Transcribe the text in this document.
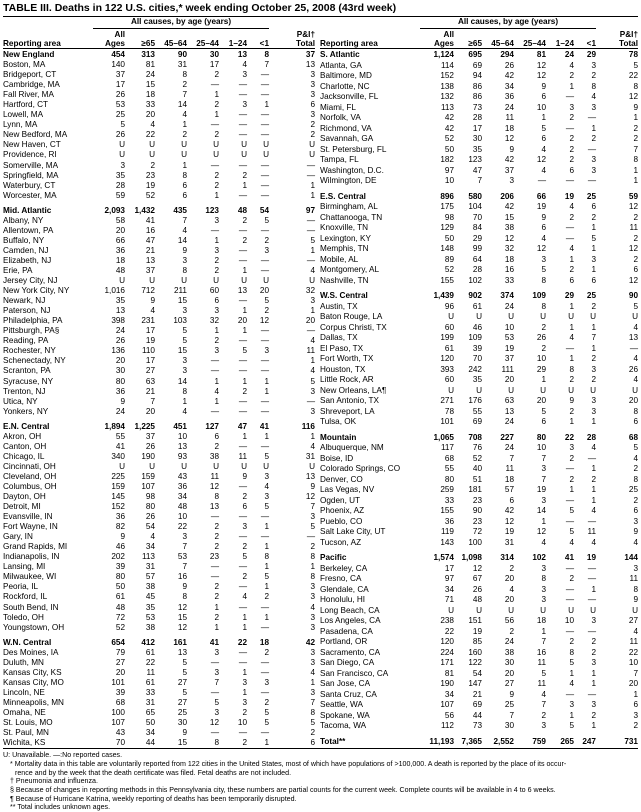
TABLE III. Deaths in 122 U.S. cities,* week ending October 25, 2008 (43rd week)
	All causes, by age (years)						
Reporting area	All
Ages	≥65	45–64	25–44	1–24	<1	P&I†
Total
New England	454	313	90	30	13	8	37
Boston, MA	140	81	31	17	4	7	13
Bridgeport, CT	37	24	8	2	3	—	3
Cambridge, MA	17	15	2	—	—	—	3
Fall River, MA	26	18	7	1	—	—	3
Hartford, CT	53	33	14	2	3	1	6
Lowell, MA	25	20	4	1	—	—	3
Lynn, MA	5	4	1	—	—	—	2
New Bedford, MA	26	22	2	2	—	—	2
New Haven, CT	U	U	U	U	U	U	U
Providence, RI	U	U	U	U	U	U	U
Somerville, MA	3	2	1	—	—	—	—
Springfield, MA	35	23	8	2	2	—	—
Waterbury, CT	28	19	6	2	1	—	1
Worcester, MA	59	52	6	1	—	—	1
Mid. Atlantic	2,093	1,432	435	123	48	54	97
Albany, NY	58	41	7	3	2	5	—
Allentown, PA	20	16	4	—	—	—	—
Buffalo, NY	66	47	14	1	2	2	5
Camden, NJ	36	21	9	3	—	3	1
Elizabeth, NJ	18	13	3	2	—	—	—
Erie, PA	48	37	8	2	1	—	4
Jersey City, NJ	U	U	U	U	U	U	U
New York City, NY	1,016	712	211	60	13	20	32
Newark, NJ	35	9	15	6	—	5	3
Paterson, NJ	13	4	3	3	1	2	1
Philadelphia, PA	398	231	103	32	20	12	20
Pittsburgh, PA§	24	17	5	1	1	—	—
Reading, PA	26	19	5	2	—	—	4
Rochester, NY	136	110	15	3	5	3	11
Schenectady, NY	20	17	3	—	—	—	1
Scranton, PA	30	27	3	—	—	—	4
Syracuse, NY	80	63	14	1	1	1	5
Trenton, NJ	36	21	8	4	2	1	3
Utica, NY	9	7	1	1	—	—	—
Yonkers, NY	24	20	4	—	—	—	3
E.N. Central	1,894	1,225	451	127	47	41	116
Akron, OH	55	37	10	6	1	1	1
Canton, OH	41	26	13	2	—	—	4
Chicago, IL	340	190	93	38	11	5	31
Cincinnati, OH	U	U	U	U	U	U	U
Cleveland, OH	225	159	43	11	9	3	13
Columbus, OH	159	107	36	12	—	4	9
Dayton, OH	145	98	34	8	2	3	12
Detroit, MI	152	80	48	13	6	5	7
Evansville, IN	36	26	10	—	—	—	3
Fort Wayne, IN	82	54	22	2	3	1	5
Gary, IN	9	4	3	2	—	—	—
Grand Rapids, MI	46	34	7	2	2	1	2
Indianapolis, IN	202	113	53	23	5	8	8
Lansing, MI	39	31	7	—	—	1	1
Milwaukee, WI	80	57	16	—	2	5	8
Peoria, IL	50	38	9	2	—	1	3
Rockford, IL	61	45	8	2	4	2	3
South Bend, IN	48	35	12	1	—	—	4
Toledo, OH	72	53	15	2	1	1	3
Youngstown, OH	52	38	12	1	1	—	3
W.N. Central	654	412	161	41	22	18	42
Des Moines, IA	79	61	13	3	—	2	3
Duluth, MN	27	22	5	—	—	—	3
Kansas City, KS	20	11	5	3	1	—	4
Kansas City, MO	101	61	27	7	3	3	1
Lincoln, NE	39	33	5	—	1	—	3
Minneapolis, MN	68	31	27	5	3	2	7
Omaha, NE	100	65	25	3	2	5	8
St. Louis, MO	107	50	30	12	10	5	5
St. Paul, MN	43	34	9	—	—	—	2
Wichita, KS	70	44	15	8	2	1	6
	All causes, by age (years)						
Reporting area	All
Ages	≥65	45–64	25–44	1–24	<1	P&I†
Total
S. Atlantic	1,124	695	294	81	24	29	78
Atlanta, GA	114	69	26	12	4	3	5
Baltimore, MD	152	94	42	12	2	2	22
Charlotte, NC	138	86	34	9	1	8	8
Jacksonville, FL	132	86	36	6	—	4	12
Miami, FL	113	73	24	10	3	3	9
Norfolk, VA	42	28	11	1	2	—	1
Richmond, VA	42	17	18	5	—	1	2
Savannah, GA	52	30	12	6	2	2	2
St. Petersburg, FL	50	35	9	4	2	—	7
Tampa, FL	182	123	42	12	2	3	8
Washington, D.C.	97	47	37	4	6	3	1
Wilmington, DE	10	7	3	—	—	—	1
E.S. Central	896	580	206	66	19	25	59
Birmingham, AL	175	104	42	19	4	6	12
Chattanooga, TN	98	70	15	9	2	2	2
Knoxville, TN	129	84	38	6	—	1	11
Lexington, KY	50	29	12	4	—	5	2
Memphis, TN	148	99	32	12	4	1	12
Mobile, AL	89	64	18	3	1	3	2
Montgomery, AL	52	28	16	5	2	1	6
Nashville, TN	155	102	33	8	6	6	12
W.S. Central	1,439	902	374	109	29	25	90
Austin, TX	96	61	24	8	1	2	5
Baton Rouge, LA	U	U	U	U	U	U	U
Corpus Christi, TX	60	46	10	2	1	1	4
Dallas, TX	199	109	53	26	4	7	13
El Paso, TX	61	39	19	2	—	1	—
Fort Worth, TX	120	70	37	10	1	2	4
Houston, TX	393	242	111	29	8	3	26
Little Rock, AR	60	35	20	1	2	2	4
New Orleans, LA¶	U	U	U	U	U	U	U
San Antonio, TX	271	176	63	20	9	3	20
Shreveport, LA	78	55	13	5	2	3	8
Tulsa, OK	101	69	24	6	1	1	6
Mountain	1,065	708	227	80	22	28	68
Albuquerque, NM	117	76	24	10	3	4	5
Boise, ID	68	52	7	7	2	—	4
Colorado Springs, CO	55	40	11	3	—	1	2
Denver, CO	80	51	18	7	2	2	8
Las Vegas, NV	259	181	57	19	1	1	25
Ogden, UT	33	23	6	3	—	1	2
Phoenix, AZ	155	90	42	14	5	4	6
Pueblo, CO	36	23	12	1	—	—	3
Salt Lake City, UT	119	72	19	12	5	11	9
Tucson, AZ	143	100	31	4	4	4	4
Pacific	1,574	1,098	314	102	41	19	144
Berkeley, CA	17	12	2	3	—	—	3
Fresno, CA	97	67	20	8	2	—	11
Glendale, CA	34	26	4	3	—	1	8
Honolulu, HI	71	48	20	3	—	—	9
Long Beach, CA	U	U	U	U	U	U	U
Los Angeles, CA	238	151	56	18	10	3	27
Pasadena, CA	22	19	2	1	—	—	4
Portland, OR	120	85	24	7	2	2	11
Sacramento, CA	224	160	38	16	8	2	22
San Diego, CA	171	122	30	11	5	3	10
San Francisco, CA	81	54	20	5	1	1	7
San Jose, CA	190	147	27	11	4	1	20
Santa Cruz, CA	34	21	9	4	—	—	1
Seattle, WA	107	69	25	7	3	3	6
Spokane, WA	56	44	7	2	1	2	3
Tacoma, WA	112	73	30	3	5	1	2
Total**	11,193	7,365	2,552	759	265	247	731

U: Unavailable. —:No reported cases.

* Mortality data in this table are voluntarily reported from 122 cities in the United States, most of which have populations of >100,000. A death is reported by the place of its occur-

rence and by the week that the death certificate was filed. Fetal deaths are not included.

† Pneumonia and influenza.

§ Because of changes in reporting methods in this Pennsylvania city, these numbers are partial counts for the current week. Complete counts will be available in 4 to 6 weeks.

¶ Because of Hurricane Katrina, weekly reporting of deaths has been temporarily disrupted.

** Total includes unknown ages.
